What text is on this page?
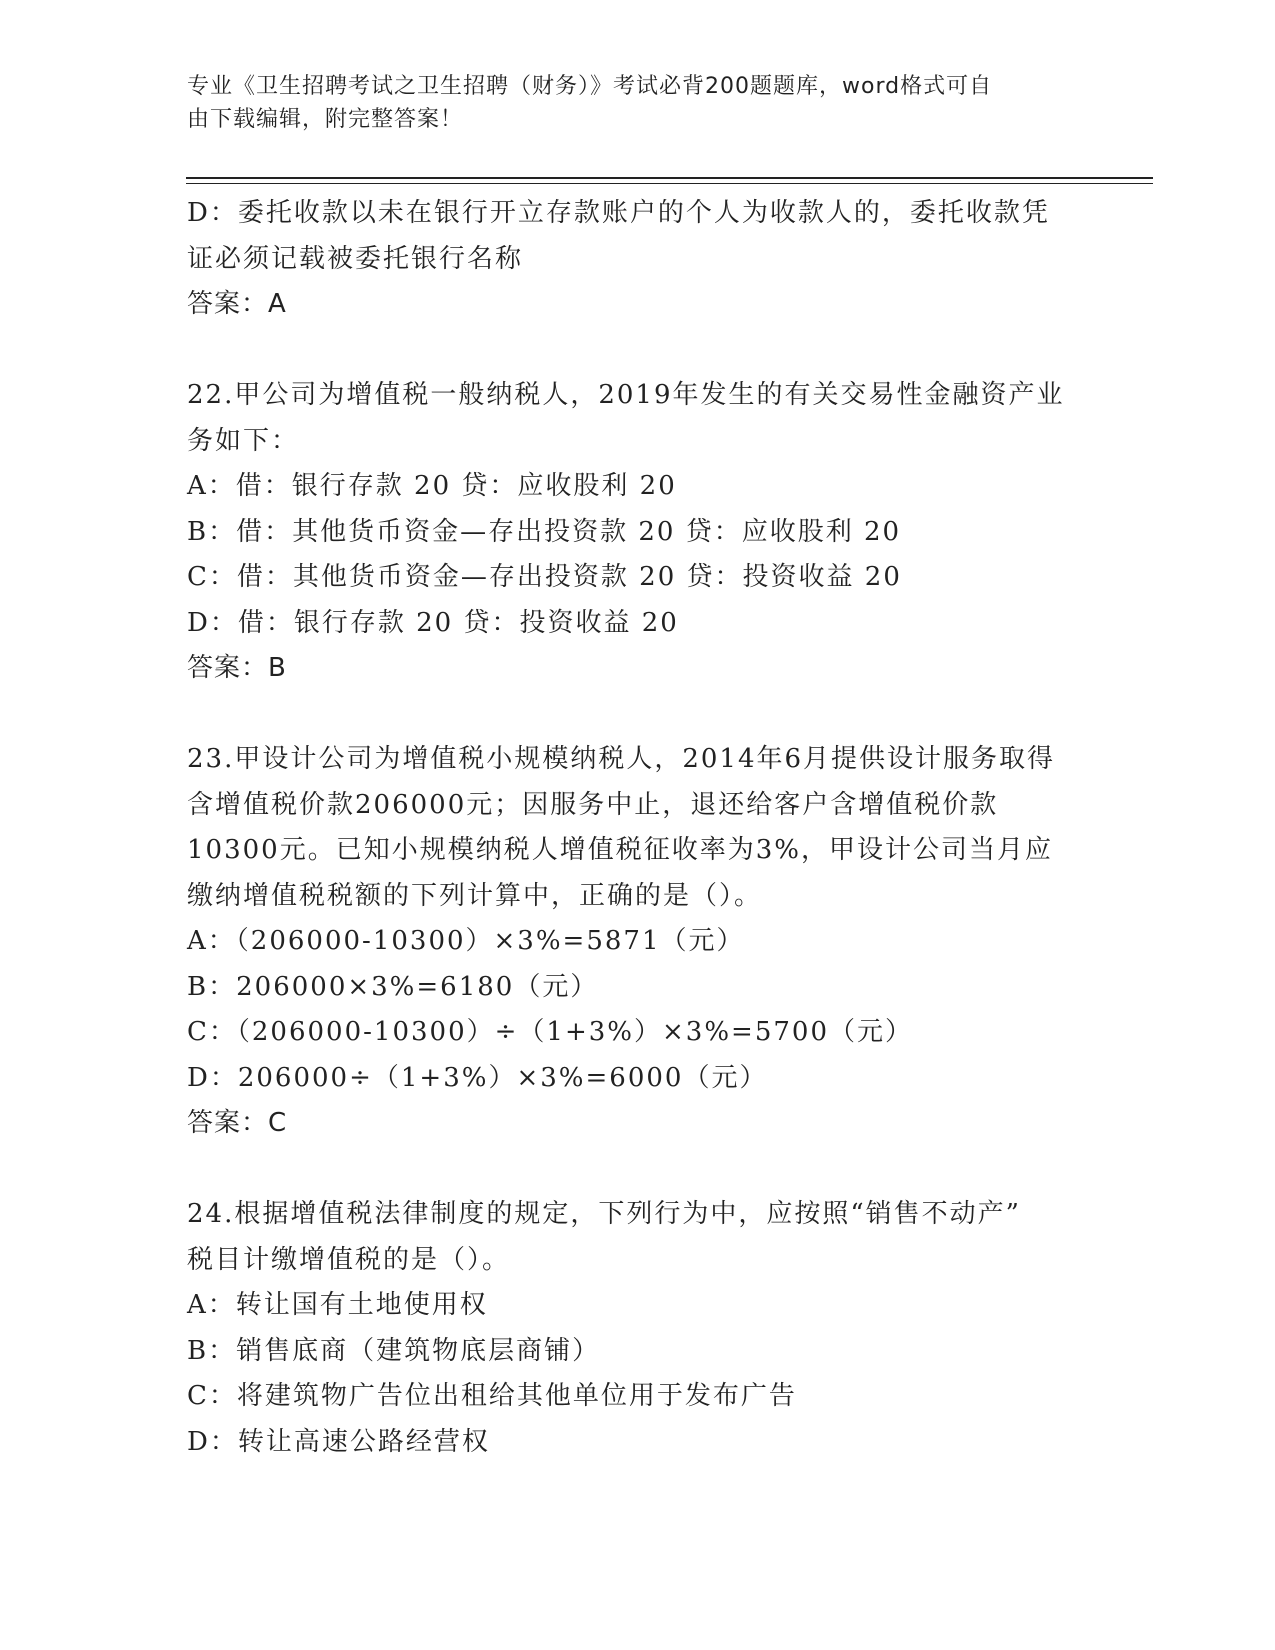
专业《卫生招聘考试之卫生招聘（财务）》考试必背200题题库，word格式可自
由下载编辑，附完整答案！
D：委托收款以未在银行开立存款账户的个人为收款人的，委托收款凭
证必须记载被委托银行名称
答案：A
22.甲公司为增值税一般纳税人，2019年发生的有关交易性金融资产业
务如下：
A：借：银行存款 20 贷：应收股利 20
B：借：其他货币资金—存出投资款 20 贷：应收股利 20
C：借：其他货币资金—存出投资款 20 贷：投资收益 20
D：借：银行存款 20 贷：投资收益 20
答案：B
23.甲设计公司为增值税小规模纳税人，2014年6月提供设计服务取得
含增值税价款206000元；因服务中止，退还给客户含增值税价款
10300元。已知小规模纳税人增值税征收率为3%，甲设计公司当月应
缴纳增值税税额的下列计算中，正确的是（）。
A：（206000-10300）×3%=5871（元）
B：206000×3%=6180（元）
C：（206000-10300）÷（1+3%）×3%=5700（元）
D：206000÷（1+3%）×3%=6000（元）
答案：C
24.根据增值税法律制度的规定，下列行为中，应按照“销售不动产”
税目计缴增值税的是（）。
A：转让国有土地使用权
B：销售底商（建筑物底层商铺）
C：将建筑物广告位出租给其他单位用于发布广告
D：转让高速公路经营权
